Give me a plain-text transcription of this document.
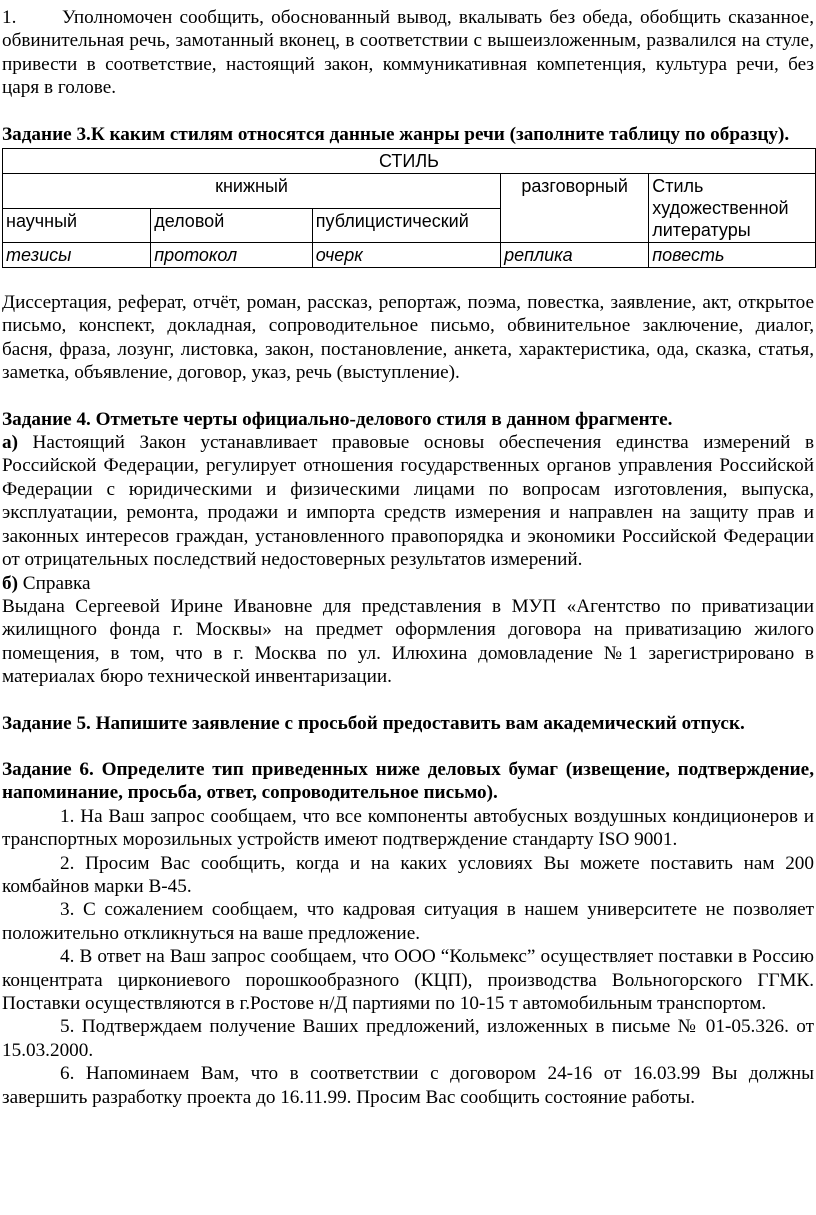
1. Уполномочен сообщить, обоснованный вывод, вкалывать без обеда, обобщить сказанное, обвинительная речь, замотанный вконец, в соответствии с вышеизложенным, развалился на стуле, привести в соответствие, настоящий закон, коммуникативная компетенция, культура речи, без царя в голове.

Задание 3.К каким стилям относятся данные жанры речи (заполните таблицу по образцу).

СТИЛЬ				
книжный			разговорный	Стиль художественной литературы
научный	деловой	публицистический		
тезисы	протокол	очерк	реплика	повесть

Диссертация, реферат, отчёт, роман, рассказ, репортаж, поэма, повестка, заявление, акт, открытое письмо, конспект, докладная, сопроводительное письмо, обвинительное заключение, диалог, басня, фраза, лозунг, листовка, закон, постановление, анкета, характеристика, ода, сказка, статья, заметка, объявление, договор, указ, речь (выступление).

Задание 4. Отметьте черты официально-делового стиля в данном фрагменте.

а) Настоящий Закон устанавливает правовые основы обеспечения единства измерений в Российской Федерации, регулирует отношения государственных органов управления Российской Федерации с юридическими и физическими лицами по вопросам изготовления, выпуска, эксплуатации, ремонта, продажи и импорта средств измерения и направлен на защиту прав и законных интересов граждан, установленного правопорядка и экономики Российской Федерации от отрицательных последствий недостоверных результатов измерений.

б) Справка

Выдана Сергеевой Ирине Ивановне для представления в МУП «Агентство по приватизации жилищного фонда г. Москвы» на предмет оформления договора на приватизацию жилого помещения, в том, что в г. Москва по ул. Илюхина домовладение №1 зарегистрировано в материалах бюро технической инвентаризации.

Задание 5. Напишите заявление с просьбой предоставить вам академический отпуск.

Задание 6. Определите тип приведенных ниже деловых бумаг (извещение, подтверждение, напоминание, просьба, ответ, сопроводительное письмо).

1. На Ваш запрос сообщаем, что все компоненты автобусных воздушных кондиционеров и транспортных морозильных устройств имеют подтверждение стандарту ISO 9001.

2. Просим Вас сообщить, когда и на каких условиях Вы можете поставить нам 200 комбайнов марки В-45.

3. С сожалением сообщаем, что кадровая ситуация в нашем университете не позволяет положительно откликнуться на ваше предложение.

4. В ответ на Ваш запрос сообщаем, что ООО “Кольмекс” осуществляет поставки в Россию концентрата циркониевого порошкообразного (КЦП), производства Вольногорского ГГМК. Поставки осуществляются в г.Ростове н/Д партиями по 10-15 т автомобильным транспортом.

5. Подтверждаем получение Ваших предложений, изложенных в письме № 01-05.326. от 15.03.2000.

6. Напоминаем Вам, что в соответствии с договором 24-16 от 16.03.99 Вы должны завершить разработку проекта до 16.11.99. Просим Вас сообщить состояние работы.
